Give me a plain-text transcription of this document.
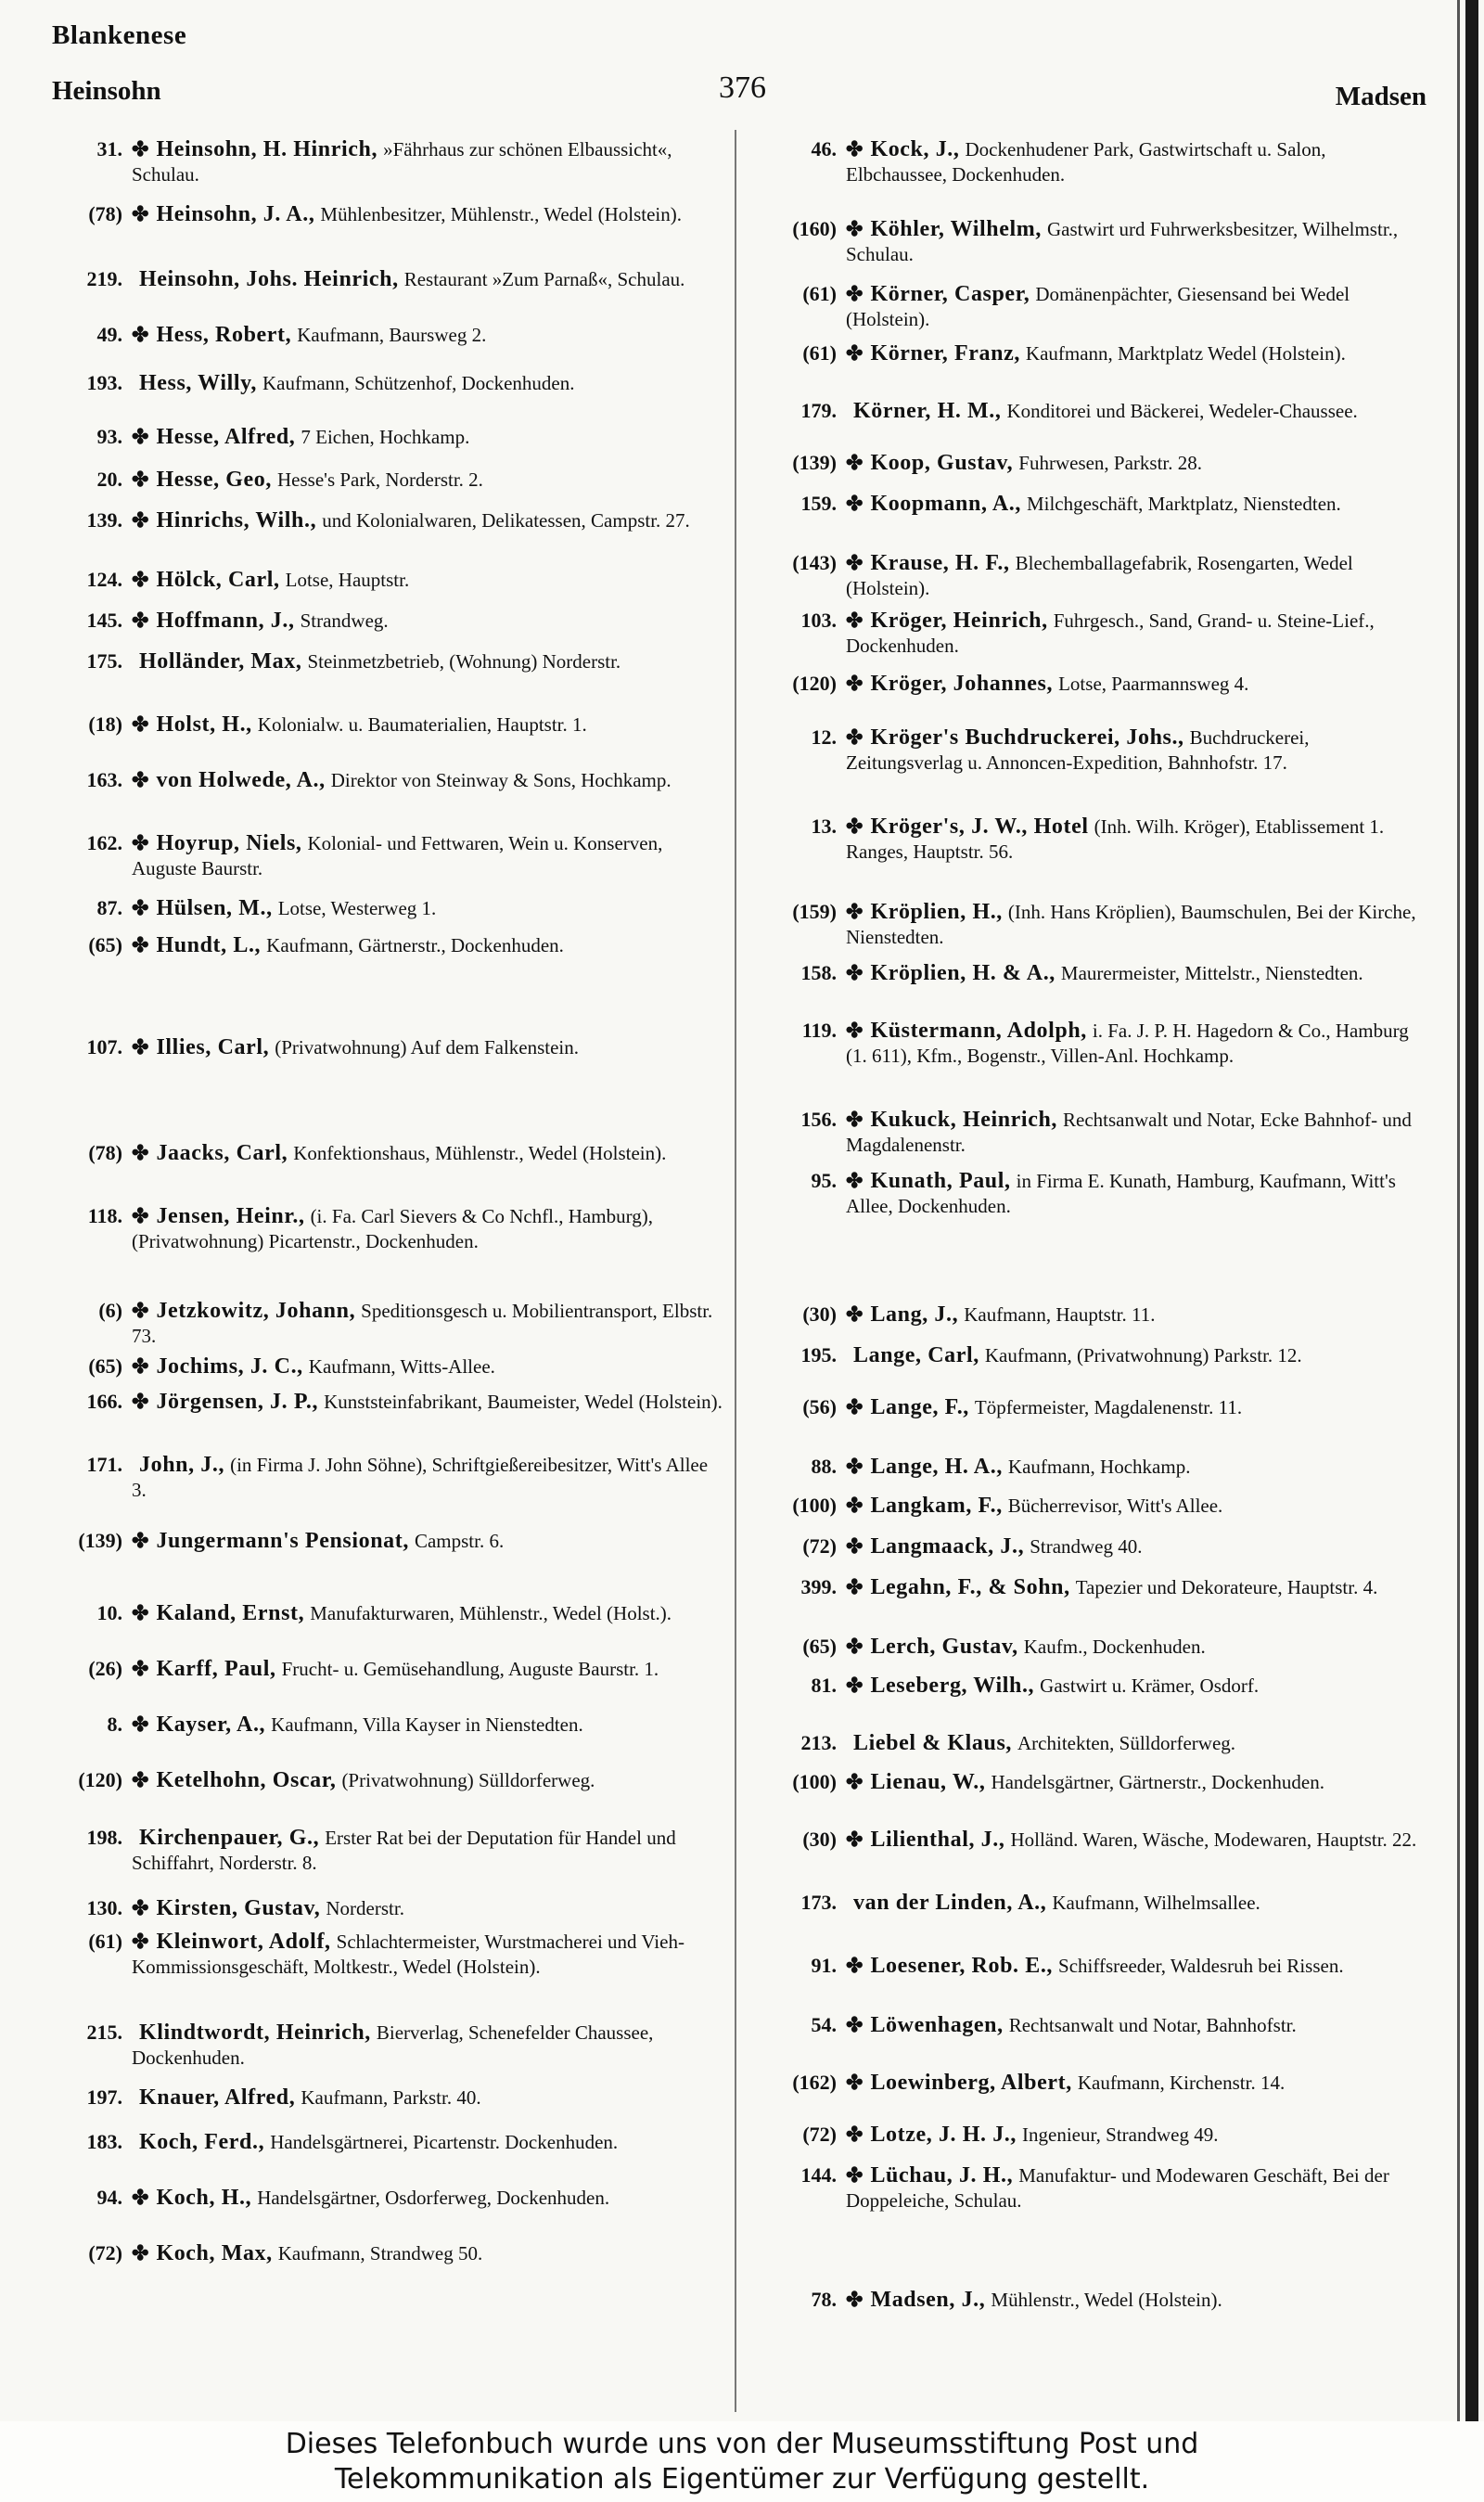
Blankenese
Heinsohn	376	Madsen
31. ✤ Heinsohn, H. Hinrich, »Fährhaus zur schönen Elbaussicht«, Schulau.
(78) ✤ Heinsohn, J. A., Mühlenbesitzer, Mühlenstr., Wedel (Holstein).
219. Heinsohn, Johs. Heinrich, Restaurant »Zum Parnaß«, Schulau.
49. ✤ Hess, Robert, Kaufmann, Baursweg 2.
193. Hess, Willy, Kaufmann, Schützenhof, Dockenhuden.
93. ✤ Hesse, Alfred, 7 Eichen, Hochkamp.
20. ✤ Hesse, Geo, Hesse's Park, Norderstr. 2.
139. ✤ Hinrichs, Wilh., und Kolonialwaren, Delikatessen, Campstr. 27.
124. ✤ Hölck, Carl, Lotse, Hauptstr.
145. ✤ Hoffmann, J., Strandweg.
175. Holländer, Max, Steinmetzbetrieb, (Wohnung) Norderstr.
(18) ✤ Holst, H., Kolonialw. u. Baumaterialien, Hauptstr. 1.
163. ✤ von Holwede, A., Direktor von Steinway & Sons, Hochkamp.
162. ✤ Hoyrup, Niels, Kolonial- und Fettwaren, Wein u. Konserven, Auguste Baurstr.
87. ✤ Hülsen, M., Lotse, Westerweg 1.
(65) ✤ Hundt, L., Kaufmann, Gärtnerstr., Dockenhuden.
107. ✤ Illies, Carl, (Privatwohnung) Auf dem Falkenstein.
(78) ✤ Jaacks, Carl, Konfektionshaus, Mühlenstr., Wedel (Holstein).
118. ✤ Jensen, Heinr., (i. Fa. Carl Sievers & Co Nchfl., Hamburg), (Privatwohnung) Picartenstr., Dockenhuden.
(6) ✤ Jetzkowitz, Johann, Speditionsgesch u. Mobilientransport, Elbstr. 73.
(65) ✤ Jochims, J. C., Kaufmann, Witts-Allee.
166. ✤ Jörgensen, J. P., Kunststeinfabrikant, Baumeister, Wedel (Holstein).
171. John, J., (in Firma J. John Söhne), Schriftgießereibesitzer, Witt's Allee 3.
(139) ✤ Jungermann's Pensionat, Campstr. 6.
10. ✤ Kaland, Ernst, Manufakturwaren, Mühlenstr., Wedel (Holst.).
(26) ✤ Karff, Paul, Frucht- u. Gemüsehandlung, Auguste Baurstr. 1.
8. ✤ Kayser, A., Kaufmann, Villa Kayser in Nienstedten.
(120) ✤ Ketelhohn, Oscar, (Privatwohnung) Sülldorferweg.
198. Kirchenpauer, G., Erster Rat bei der Deputation für Handel und Schiffahrt, Norderstr. 8.
130. ✤ Kirsten, Gustav, Norderstr.
(61) ✤ Kleinwort, Adolf, Schlachtermeister, Wurstmacherei und Vieh-Kommissionsgeschäft, Moltkestr., Wedel (Holstein).
215. Klindtwordt, Heinrich, Bierverlag, Schenefelder Chaussee, Dockenhuden.
197. Knauer, Alfred, Kaufmann, Parkstr. 40.
183. Koch, Ferd., Handelsgärtnerei, Picartenstr. Dockenhuden.
94. ✤ Koch, H., Handelsgärtner, Osdorferweg, Dockenhuden.
(72) ✤ Koch, Max, Kaufmann, Strandweg 50.
46. ✤ Kock, J., Dockenhudener Park, Gastwirtschaft u. Salon, Elbchaussee, Dockenhuden.
(160) ✤ Köhler, Wilhelm, Gastwirt urd Fuhrwerksbesitzer, Wilhelmstr., Schulau.
(61) ✤ Körner, Casper, Domänenpächter, Giesensand bei Wedel (Holstein).
(61) ✤ Körner, Franz, Kaufmann, Marktplatz Wedel (Holstein).
179. Körner, H. M., Konditorei und Bäckerei, Wedeler-Chaussee.
(139) ✤ Koop, Gustav, Fuhrwesen, Parkstr. 28.
159. ✤ Koopmann, A., Milchgeschäft, Marktplatz, Nienstedten.
(143) ✤ Krause, H. F., Blechemballagefabrik, Rosengarten, Wedel (Holstein).
103. ✤ Kröger, Heinrich, Fuhrgesch., Sand, Grand- u. Steine-Lief., Dockenhuden.
(120) ✤ Kröger, Johannes, Lotse, Paarmannsweg 4.
12. ✤ Kröger's Buchdruckerei, Johs., Buchdruckerei, Zeitungsverlag u. Annoncen-Expedition, Bahnhofstr. 17.
13. ✤ Kröger's, J. W., Hotel (Inh. Wilh. Kröger), Etablissement 1. Ranges, Hauptstr. 56.
(159) ✤ Kröplien, H., (Inh. Hans Kröplien), Baumschulen, Bei der Kirche, Nienstedten.
158. ✤ Kröplien, H. & A., Maurermeister, Mittelstr., Nienstedten.
119. ✤ Küstermann, Adolph, i. Fa. J. P. H. Hagedorn & Co., Hamburg (1. 611), Kfm., Bogenstr., Villen-Anl. Hochkamp.
156. ✤ Kukuck, Heinrich, Rechtsanwalt und Notar, Ecke Bahnhof- und Magdalenenstr.
95. ✤ Kunath, Paul, in Firma E. Kunath, Hamburg, Kaufmann, Witt's Allee, Dockenhuden.
(30) ✤ Lang, J., Kaufmann, Hauptstr. 11.
195. Lange, Carl, Kaufmann, (Privatwohnung) Parkstr. 12.
(56) ✤ Lange, F., Töpfermeister, Magdalenenstr. 11.
88. ✤ Lange, H. A., Kaufmann, Hochkamp.
(100) ✤ Langkam, F., Bücherrevisor, Witt's Allee.
(72) ✤ Langmaack, J., Strandweg 40.
399. ✤ Legahn, F., & Sohn, Tapezier und Dekorateure, Hauptstr. 4.
(65) ✤ Lerch, Gustav, Kaufm., Dockenhuden.
81. ✤ Leseberg, Wilh., Gastwirt u. Krämer, Osdorf.
213. Liebel & Klaus, Architekten, Sülldorferweg.
(100) ✤ Lienau, W., Handelsgärtner, Gärtnerstr., Dockenhuden.
(30) ✤ Lilienthal, J., Holländ. Waren, Wäsche, Modewaren, Hauptstr. 22.
173. van der Linden, A., Kaufmann, Wilhelmsallee.
91. ✤ Loesener, Rob. E., Schiffsreeder, Waldesruh bei Rissen.
54. ✤ Löwenhagen, Rechtsanwalt und Notar, Bahnhofstr.
(162) ✤ Loewinberg, Albert, Kaufmann, Kirchenstr. 14.
(72) ✤ Lotze, J. H. J., Ingenieur, Strandweg 49.
144. ✤ Lüchau, J. H., Manufaktur- und Modewaren Geschäft, Bei der Doppeleiche, Schulau.
78. ✤ Madsen, J., Mühlenstr., Wedel (Holstein).
Dieses Telefonbuch wurde uns von der Museumsstiftung Post und
Telekommunikation als Eigentümer zur Verfügung gestellt.
